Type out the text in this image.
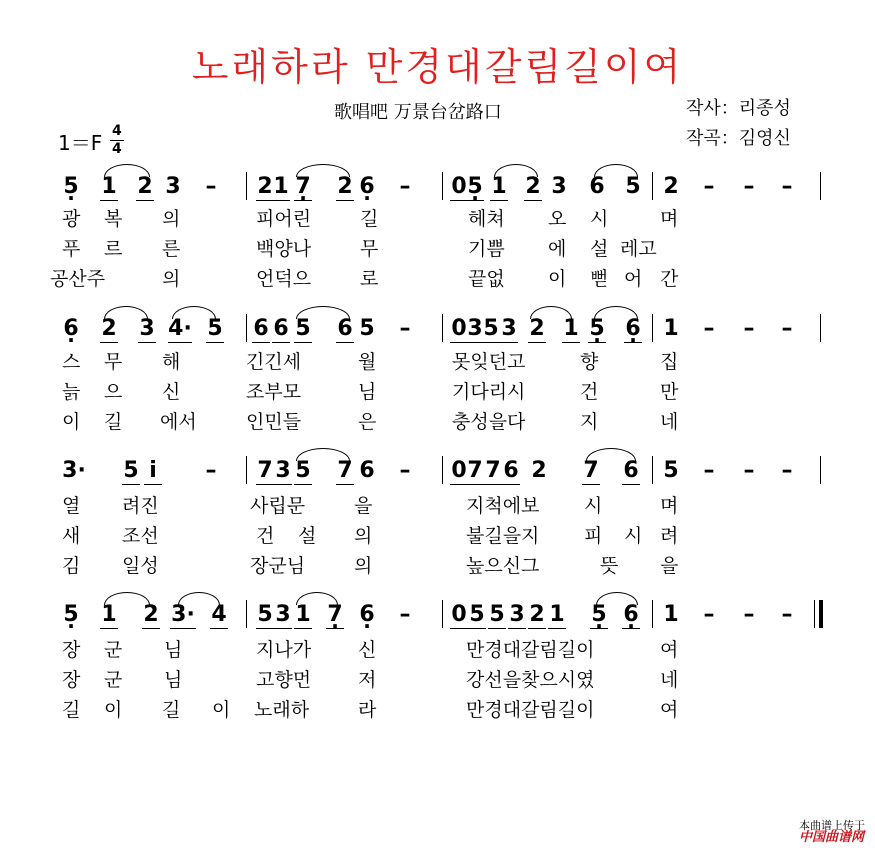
노래하라 만경대갈림길이여
歌唱吧 万景台岔路口	작사：리종성
작곡：김영신
1＝F 4
4
5 · 1 2 3 – 2 1 7 · 2 6 · – 0 5 · 1 2 3 6 5 2 – – –
광 복 의	피어린	길	헤쳐 오 시	며
푸 르 른	백양나	무	기쁨 에 설 레고
공산주	의	언덕으	로	끝없 이 뻗 어 간
6 · 2 3 4· 5 6 6 5 6 5 – 0 3 5 3 2 1 5 · 6 · 1 – – –
스 무 해	긴긴세	월	못잊던고	향	집
늙 으 신	조부모	님	기다리시	건	만
이 길 에서	인민들	은	충성을다	지	네
3· 5 i – 7 3 5 7 6 – 0 7 7 6 2 7 6 5 – – –
열 려진	사립문	을	지척에보 시	며
새 조선	건 설 의	불길을지 피 시 려
김 일성	장군님	의	높으신그	뜻 을
5 · 1 2 3· 4 5 3 1 7 · 6 · – 0 5 5 3 2 1 5 · 6 · 1 – – –
장 군 님	지나가 신	만경대갈림길이	여
장 군 님	고향먼 저	강선을찾으시였	네
길 이 길 이 노래하	라	만경대갈림길이	여

本曲谱上传于
中国曲谱网
